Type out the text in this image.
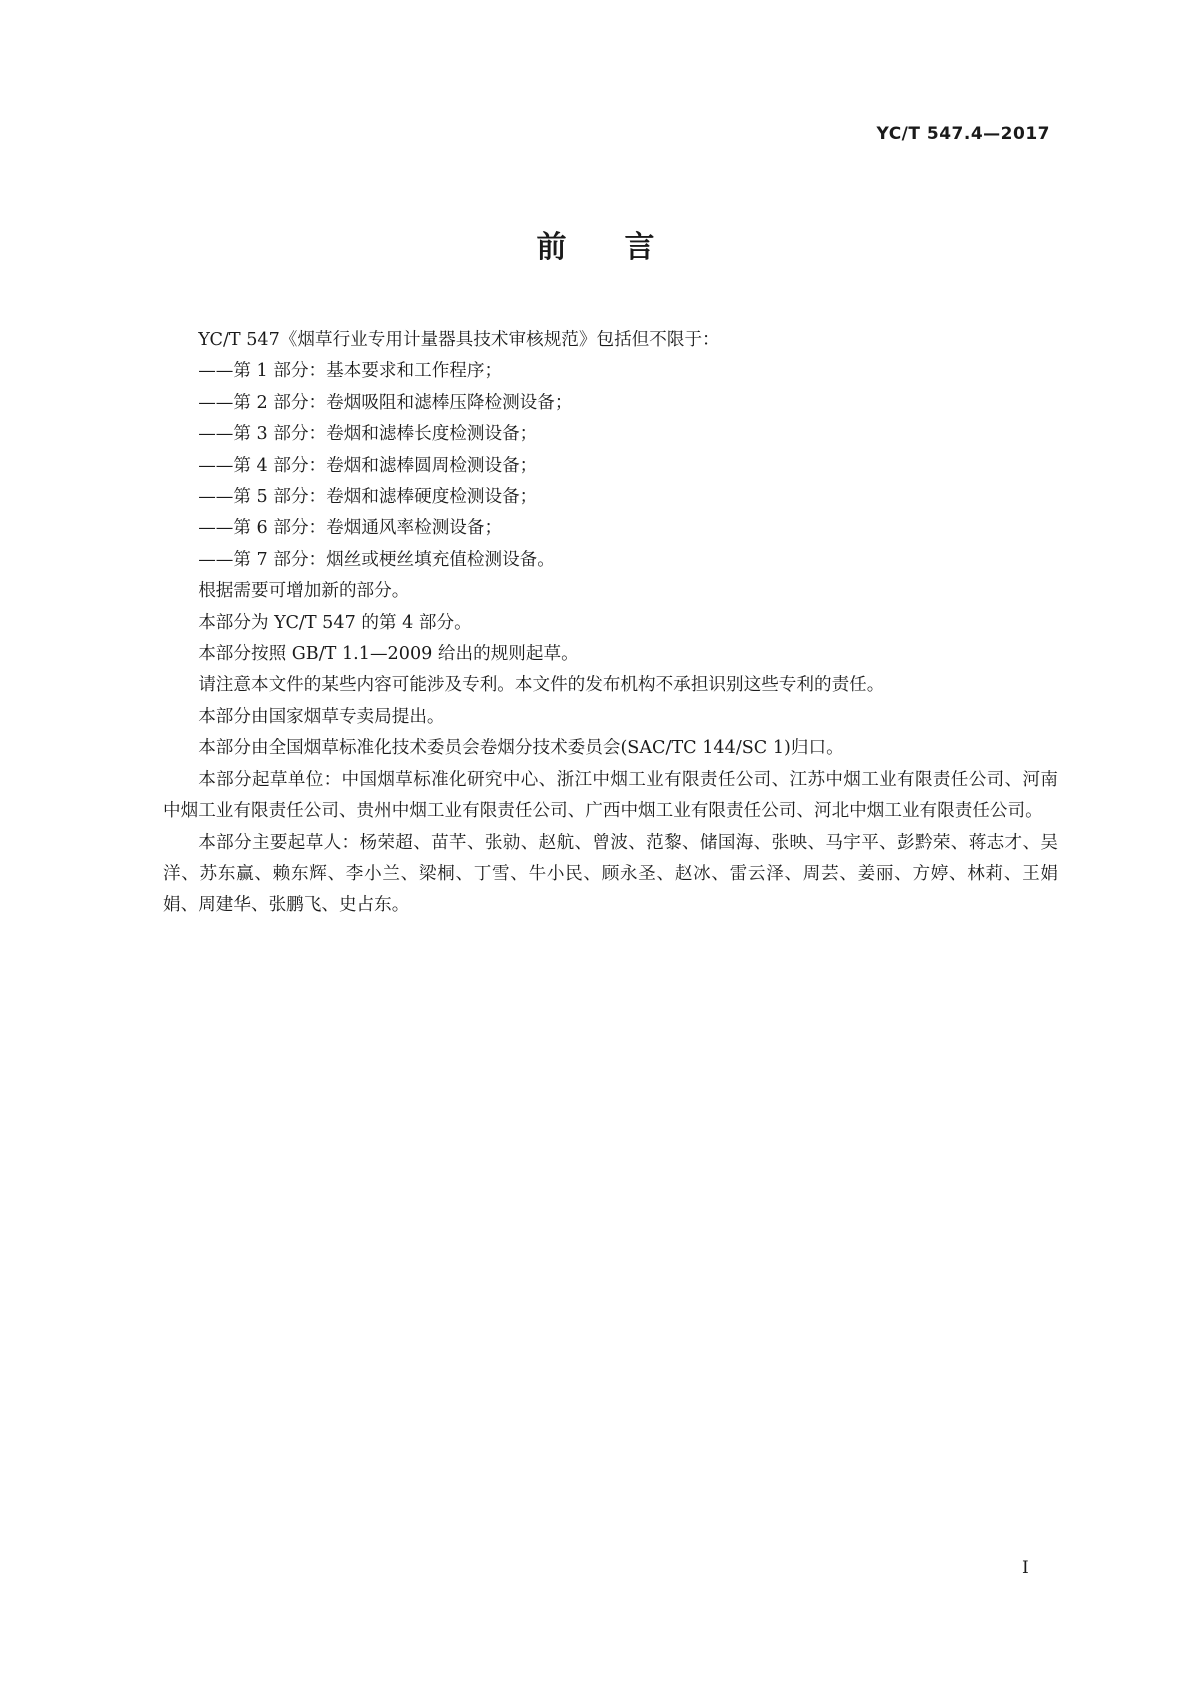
YC/T 547.4—2017
前言

YC/T 547《烟草行业专用计量器具技术审核规范》包括但不限于：

——第 1 部分：基本要求和工作程序；

——第 2 部分：卷烟吸阻和滤棒压降检测设备；

——第 3 部分：卷烟和滤棒长度检测设备；

——第 4 部分：卷烟和滤棒圆周检测设备；

——第 5 部分：卷烟和滤棒硬度检测设备；

——第 6 部分：卷烟通风率检测设备；

——第 7 部分：烟丝或梗丝填充值检测设备。

根据需要可增加新的部分。

本部分为 YC/T 547 的第 4 部分。

本部分按照 GB/T 1.1—2009 给出的规则起草。

请注意本文件的某些内容可能涉及专利。本文件的发布机构不承担识别这些专利的责任。

本部分由国家烟草专卖局提出。

本部分由全国烟草标准化技术委员会卷烟分技术委员会(SAC/TC 144/SC 1)归口。

本部分起草单位：中国烟草标准化研究中心、浙江中烟工业有限责任公司、江苏中烟工业有限责任公司、河南中烟工业有限责任公司、贵州中烟工业有限责任公司、广西中烟工业有限责任公司、河北中烟工业有限责任公司。

本部分主要起草人：杨荣超、苗芊、张勍、赵航、曾波、范黎、储国海、张映、马宇平、彭黔荣、蒋志才、吴洋、苏东赢、赖东辉、李小兰、梁桐、丁雪、牛小民、顾永圣、赵冰、雷云泽、周芸、姜丽、方婷、林莉、王娟娟、周建华、张鹏飞、史占东。

I
